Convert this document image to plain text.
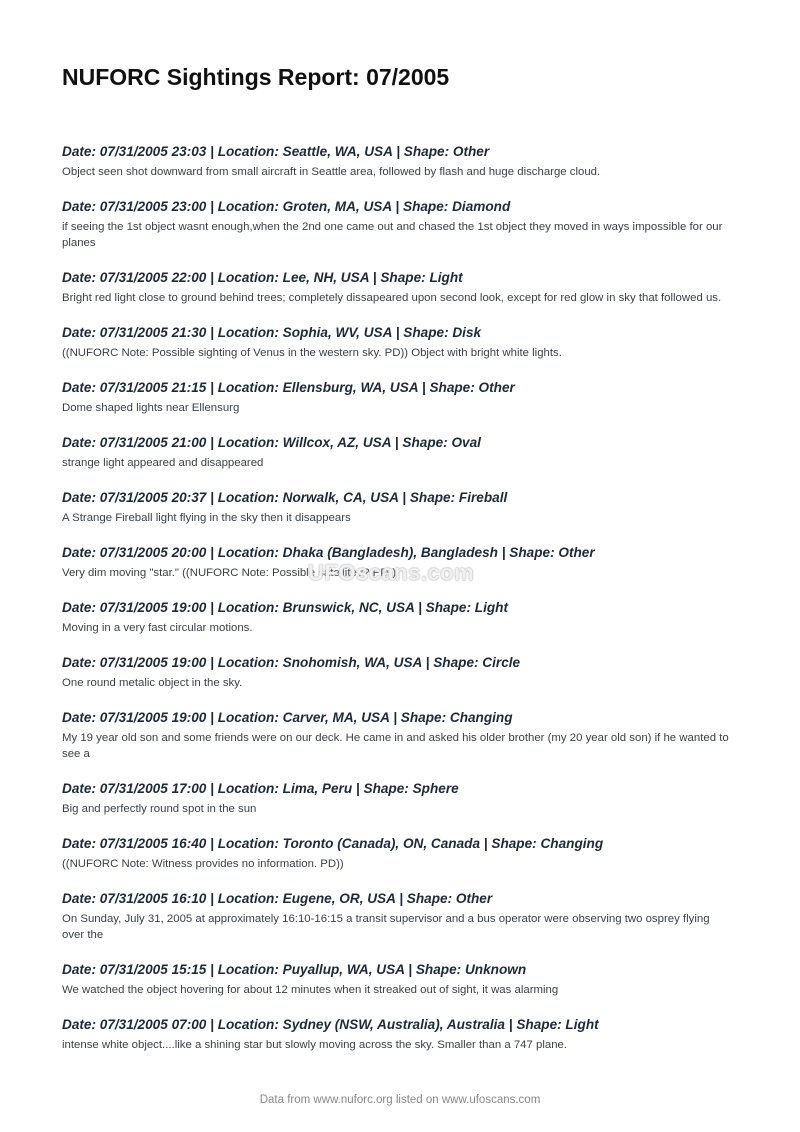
NUFORC Sightings Report: 07/2005

Date: 07/31/2005 23:03 | Location: Seattle, WA, USA | Shape: Other

Object seen shot downward from small aircraft in Seattle area, followed by flash and huge discharge cloud.

Date: 07/31/2005 23:00 | Location: Groten, MA, USA | Shape: Diamond

if seeing the 1st object wasnt enough,when the 2nd one came out and chased the 1st object they moved in ways impossible for our planes

Date: 07/31/2005 22:00 | Location: Lee, NH, USA | Shape: Light

Bright red light close to ground behind trees; completely dissapeared upon second look, except for red glow in sky that followed us.

Date: 07/31/2005 21:30 | Location: Sophia, WV, USA | Shape: Disk

((NUFORC Note: Possible sighting of Venus in the western sky. PD)) Object with bright white lights.

Date: 07/31/2005 21:15 | Location: Ellensburg, WA, USA | Shape: Other

Dome shaped lights near Ellensurg

Date: 07/31/2005 21:00 | Location: Willcox, AZ, USA | Shape: Oval

strange light appeared and disappeared

Date: 07/31/2005 20:37 | Location: Norwalk, CA, USA | Shape: Fireball

A Strange Fireball light flying in the sky then it disappears

Date: 07/31/2005 20:00 | Location: Dhaka (Bangladesh), Bangladesh | Shape: Other

Very dim moving "star." ((NUFORC Note: Possible satellite?? PD))

Date: 07/31/2005 19:00 | Location: Brunswick, NC, USA | Shape: Light

Moving in a very fast circular motions.

Date: 07/31/2005 19:00 | Location: Snohomish, WA, USA | Shape: Circle

One round metalic object in the sky.

Date: 07/31/2005 19:00 | Location: Carver, MA, USA | Shape: Changing

My 19 year old son and some friends were on our deck. He came in and asked his older brother (my 20 year old son) if he wanted to see a

Date: 07/31/2005 17:00 | Location: Lima, Peru | Shape: Sphere

Big and perfectly round spot in the sun

Date: 07/31/2005 16:40 | Location: Toronto (Canada), ON, Canada | Shape: Changing

((NUFORC Note: Witness provides no information. PD))

Date: 07/31/2005 16:10 | Location: Eugene, OR, USA | Shape: Other

On Sunday, July 31, 2005 at approximately 16:10-16:15 a transit supervisor and a bus operator were observing two osprey flying over the

Date: 07/31/2005 15:15 | Location: Puyallup, WA, USA | Shape: Unknown

We watched the object hovering for about 12 minutes when it streaked out of sight, it was alarming

Date: 07/31/2005 07:00 | Location: Sydney (NSW, Australia), Australia | Shape: Light

intense white object....like a shining star but slowly moving across the sky. Smaller than a 747 plane.

UFOscans.com
Data from www.nuforc.org listed on www.ufoscans.com
